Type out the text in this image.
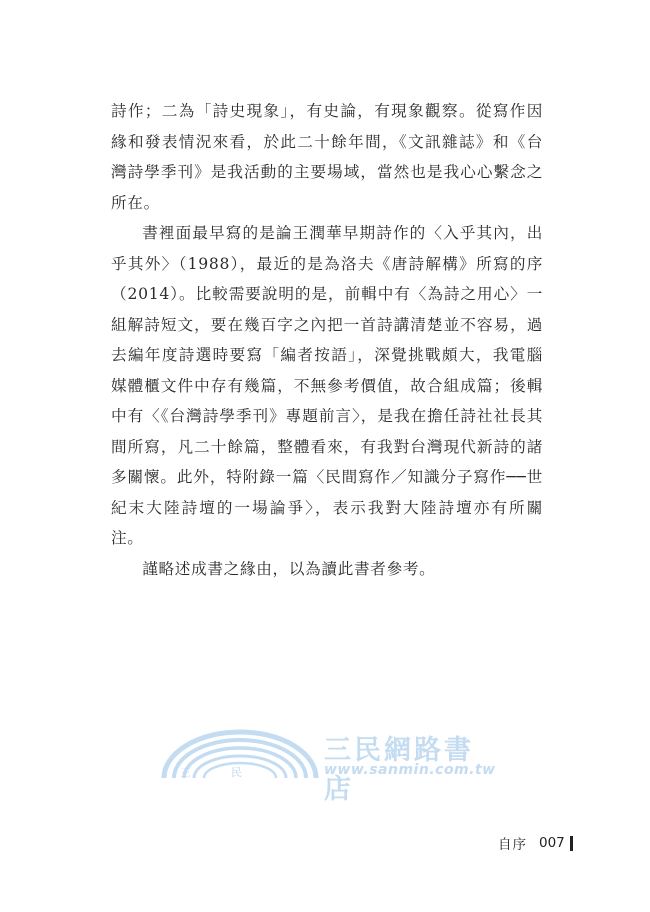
詩作；二為「詩史現象」，有史論，有現象觀察。從寫作因緣和發表情況來看，於此二十餘年間，《文訊雜誌》和《台灣詩學季刊》是我活動的主要場域，當然也是我心心繫念之所在。

書裡面最早寫的是論王潤華早期詩作的〈入乎其內，出乎其外〉（1988），最近的是為洛夫《唐詩解構》所寫的序（2014）。比較需要說明的是，前輯中有〈為詩之用心〉一組解詩短文，要在幾百字之內把一首詩講清楚並不容易，過去編年度詩選時要寫「編者按語」，深覺挑戰頗大，我電腦媒體櫃文件中存有幾篇，不無參考價值，故合組成篇；後輯中有〈《台灣詩學季刊》專題前言〉，是我在擔任詩社社長其間所寫，凡二十餘篇，整體看來，有我對台灣現代新詩的諸多關懷。此外，特附錄一篇〈民間寫作／知識分子寫作──世紀末大陸詩壇的一場論爭〉，表示我對大陸詩壇亦有所關注。

謹略述成書之緣由，以為讀此書者參考。

三	民
三民網路書店
www.sanmin.com.tw
自序 007
